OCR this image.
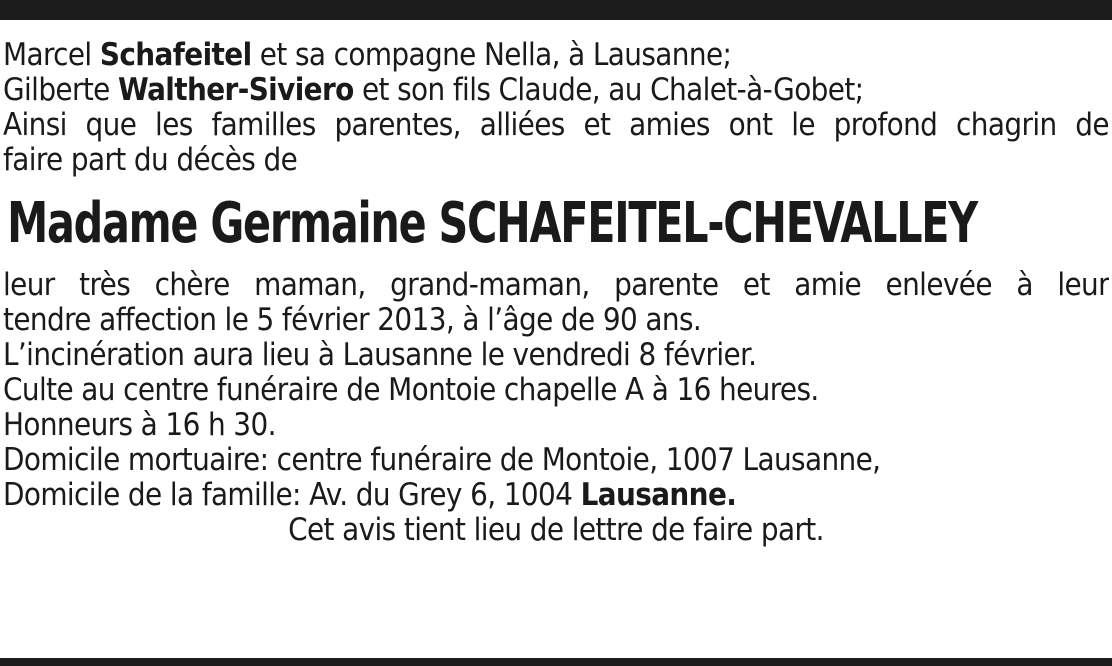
Marcel Schafeitel et sa compagne Nella, à Lausanne;
Gilberte Walther-Siviero et son fils Claude, au Chalet-à-Gobet;
Ainsi que les familles parentes, alliées et amies ont le profond chagrin de
faire part du décès de
Madame Germaine SCHAFEITEL-CHEVALLEY
leur très chère maman, grand-maman, parente et amie enlevée à leur
tendre affection le 5 février 2013, à l’âge de 90 ans.
L’incinération aura lieu à Lausanne le vendredi 8 février.
Culte au centre funéraire de Montoie chapelle A à 16 heures.
Honneurs à 16 h 30.
Domicile mortuaire: centre funéraire de Montoie, 1007 Lausanne,
Domicile de la famille: Av. du Grey 6, 1004 Lausanne.
Cet avis tient lieu de lettre de faire part.
